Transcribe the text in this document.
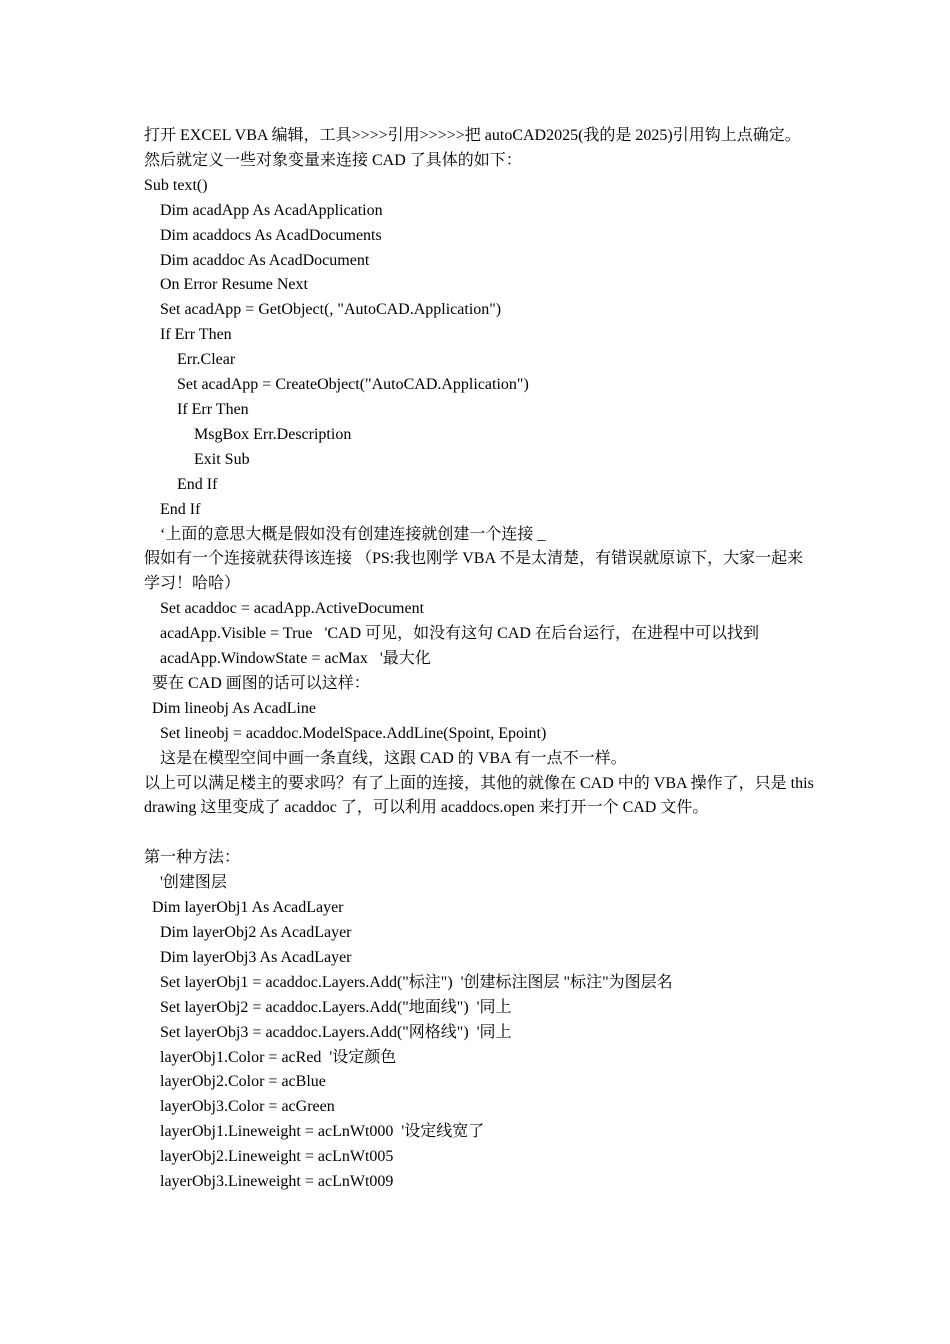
打开 EXCEL VBA 编辑，工具>>>>引用>>>>>把 autoCAD2025(我的是 2025)引用钩上点确定。
然后就定义一些对象变量来连接 CAD 了具体的如下：
Sub text()
Dim acadApp As AcadApplication
Dim acaddocs As AcadDocuments
Dim acaddoc As AcadDocument
On Error Resume Next
Set acadApp = GetObject(, "AutoCAD.Application")
If Err Then
Err.Clear
Set acadApp = CreateObject("AutoCAD.Application")
If Err Then
MsgBox Err.Description
Exit Sub
End If
End If
‘上面的意思大概是假如没有创建连接就创建一个连接 _
假如有一个连接就获得该连接 （PS:我也刚学 VBA 不是太清楚，有错误就原谅下，大家一起来学习！哈哈）
Set acaddoc = acadApp.ActiveDocument
acadApp.Visible = True   'CAD 可见，如没有这句 CAD 在后台运行，在进程中可以找到
acadApp.WindowState = acMax   '最大化
要在 CAD 画图的话可以这样：
Dim lineobj As AcadLine
Set lineobj = acaddoc.ModelSpace.AddLine(Spoint, Epoint)
这是在模型空间中画一条直线，这跟 CAD 的 VBA 有一点不一样。
以上可以满足楼主的要求吗？有了上面的连接，其他的就像在 CAD 中的 VBA 操作了，只是 thisdrawing 这里变成了 acaddoc 了，可以利用 acaddocs.open 来打开一个 CAD 文件。
第一种方法：
'创建图层
Dim layerObj1 As AcadLayer
Dim layerObj2 As AcadLayer
Dim layerObj3 As AcadLayer
Set layerObj1 = acaddoc.Layers.Add("标注")  '创建标注图层 "标注"为图层名
Set layerObj2 = acaddoc.Layers.Add("地面线")  '同上
Set layerObj3 = acaddoc.Layers.Add("网格线")  '同上
layerObj1.Color = acRed  '设定颜色
layerObj2.Color = acBlue
layerObj3.Color = acGreen
layerObj1.Lineweight = acLnWt000  '设定线宽了
layerObj2.Lineweight = acLnWt005
layerObj3.Lineweight = acLnWt009
